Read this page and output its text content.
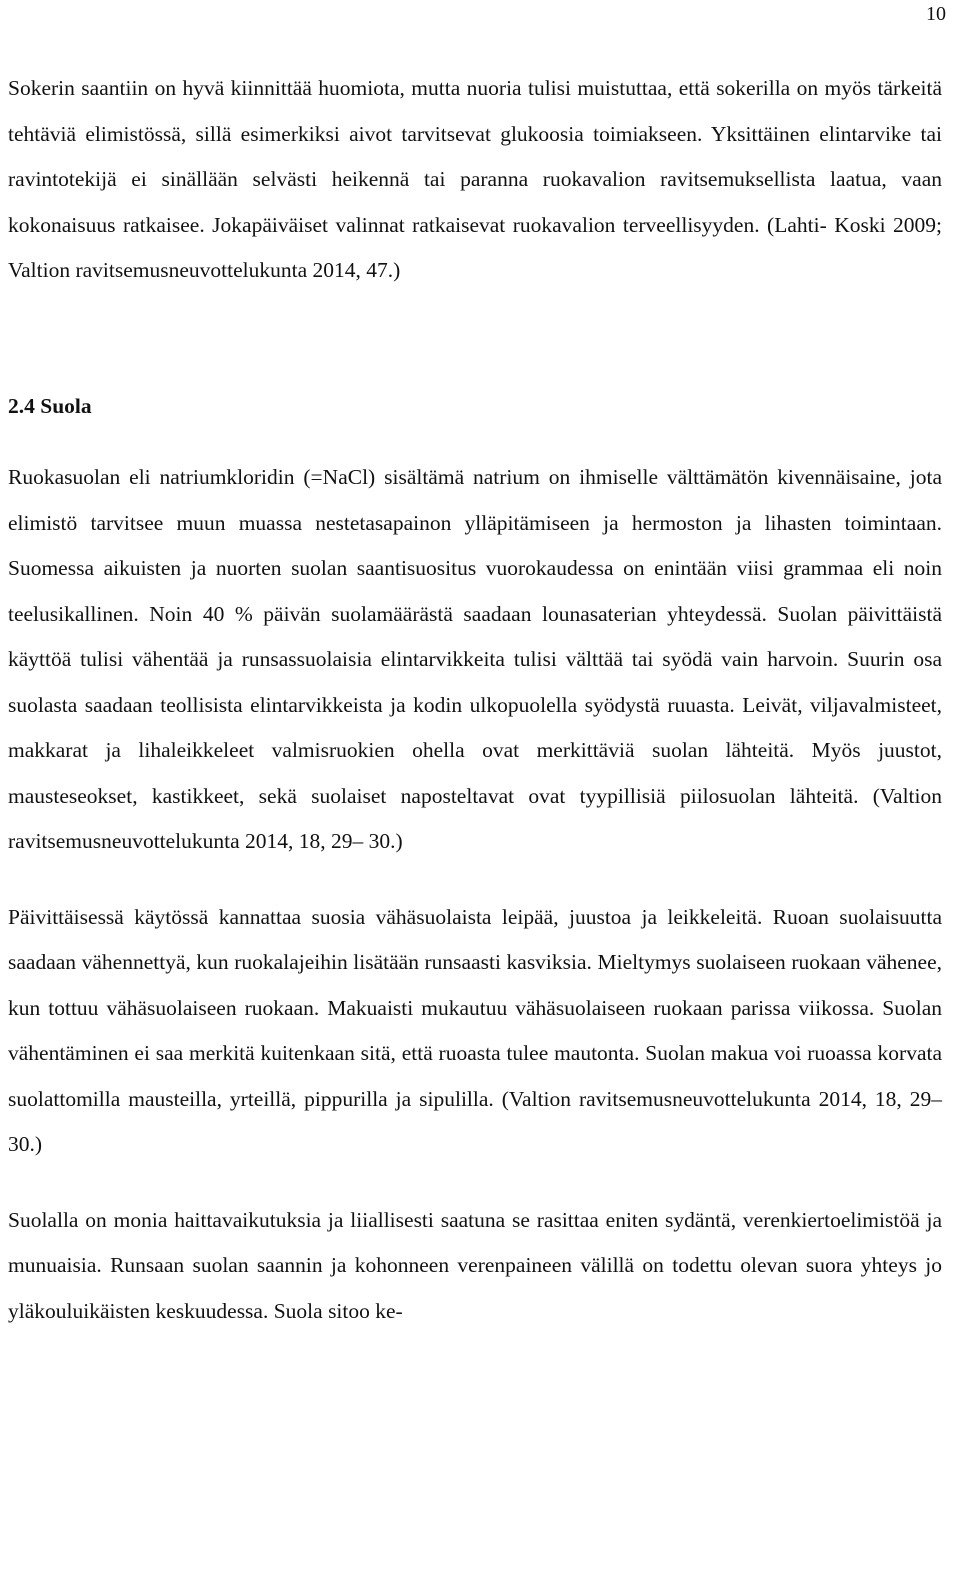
10

Sokerin saantiin on hyvä kiinnittää huomiota, mutta nuoria tulisi muistuttaa, että sokerilla on myös tärkeitä tehtäviä elimistössä, sillä esimerkiksi aivot tarvitsevat glukoosia toimiakseen. Yksittäinen elintarvike tai ravintotekijä ei sinällään selvästi heikennä tai paranna ruokavalion ravitsemuksellista laatua, vaan kokonaisuus ratkaisee. Jokapäiväiset valinnat ratkaisevat ruokavalion terveellisyyden. (Lahti- Koski 2009; Valtion ravitsemusneuvottelukunta 2014, 47.)

2.4 Suola

Ruokasuolan eli natriumkloridin (=NaCl) sisältämä natrium on ihmiselle välttämätön kivennäisaine, jota elimistö tarvitsee muun muassa nestetasapainon ylläpitämiseen ja hermoston ja lihasten toimintaan. Suomessa aikuisten ja nuorten suolan saantisuositus vuorokaudessa on enintään viisi grammaa eli noin teelusikallinen. Noin 40 % päivän suolamäärästä saadaan lounasaterian yhteydessä. Suolan päivittäistä käyttöä tulisi vähentää ja runsassuolaisia elintarvikkeita tulisi välttää tai syödä vain harvoin. Suurin osa suolasta saadaan teollisista elintarvikkeista ja kodin ulkopuolella syödystä ruuasta. Leivät, viljavalmisteet, makkarat ja lihaleikkeleet valmisruokien ohella ovat merkittäviä suolan lähteitä. Myös juustot, mausteseokset, kastikkeet, sekä suolaiset naposteltavat ovat tyypillisiä piilosuolan lähteitä. (Valtion ravitsemusneuvottelukunta 2014, 18, 29– 30.)

Päivittäisessä käytössä kannattaa suosia vähäsuolaista leipää, juustoa ja leikkeleitä. Ruoan suolaisuutta saadaan vähennettyä, kun ruokalajeihin lisätään runsaasti kasviksia. Mieltymys suolaiseen ruokaan vähenee, kun tottuu vähäsuolaiseen ruokaan. Makuaisti mukautuu vähäsuolaiseen ruokaan parissa viikossa. Suolan vähentäminen ei saa merkitä kuitenkaan sitä, että ruoasta tulee mautonta. Suolan makua voi ruoassa korvata suolattomilla mausteilla, yrteillä, pippurilla ja sipulilla. (Valtion ravitsemusneuvottelukunta 2014, 18, 29–30.)

Suolalla on monia haittavaikutuksia ja liiallisesti saatuna se rasittaa eniten sydäntä, verenkiertoelimistöä ja munuaisia. Runsaan suolan saannin ja kohonneen verenpaineen välillä on todettu olevan suora yhteys jo yläkouluikäisten keskuudessa. Suola sitoo ke-
